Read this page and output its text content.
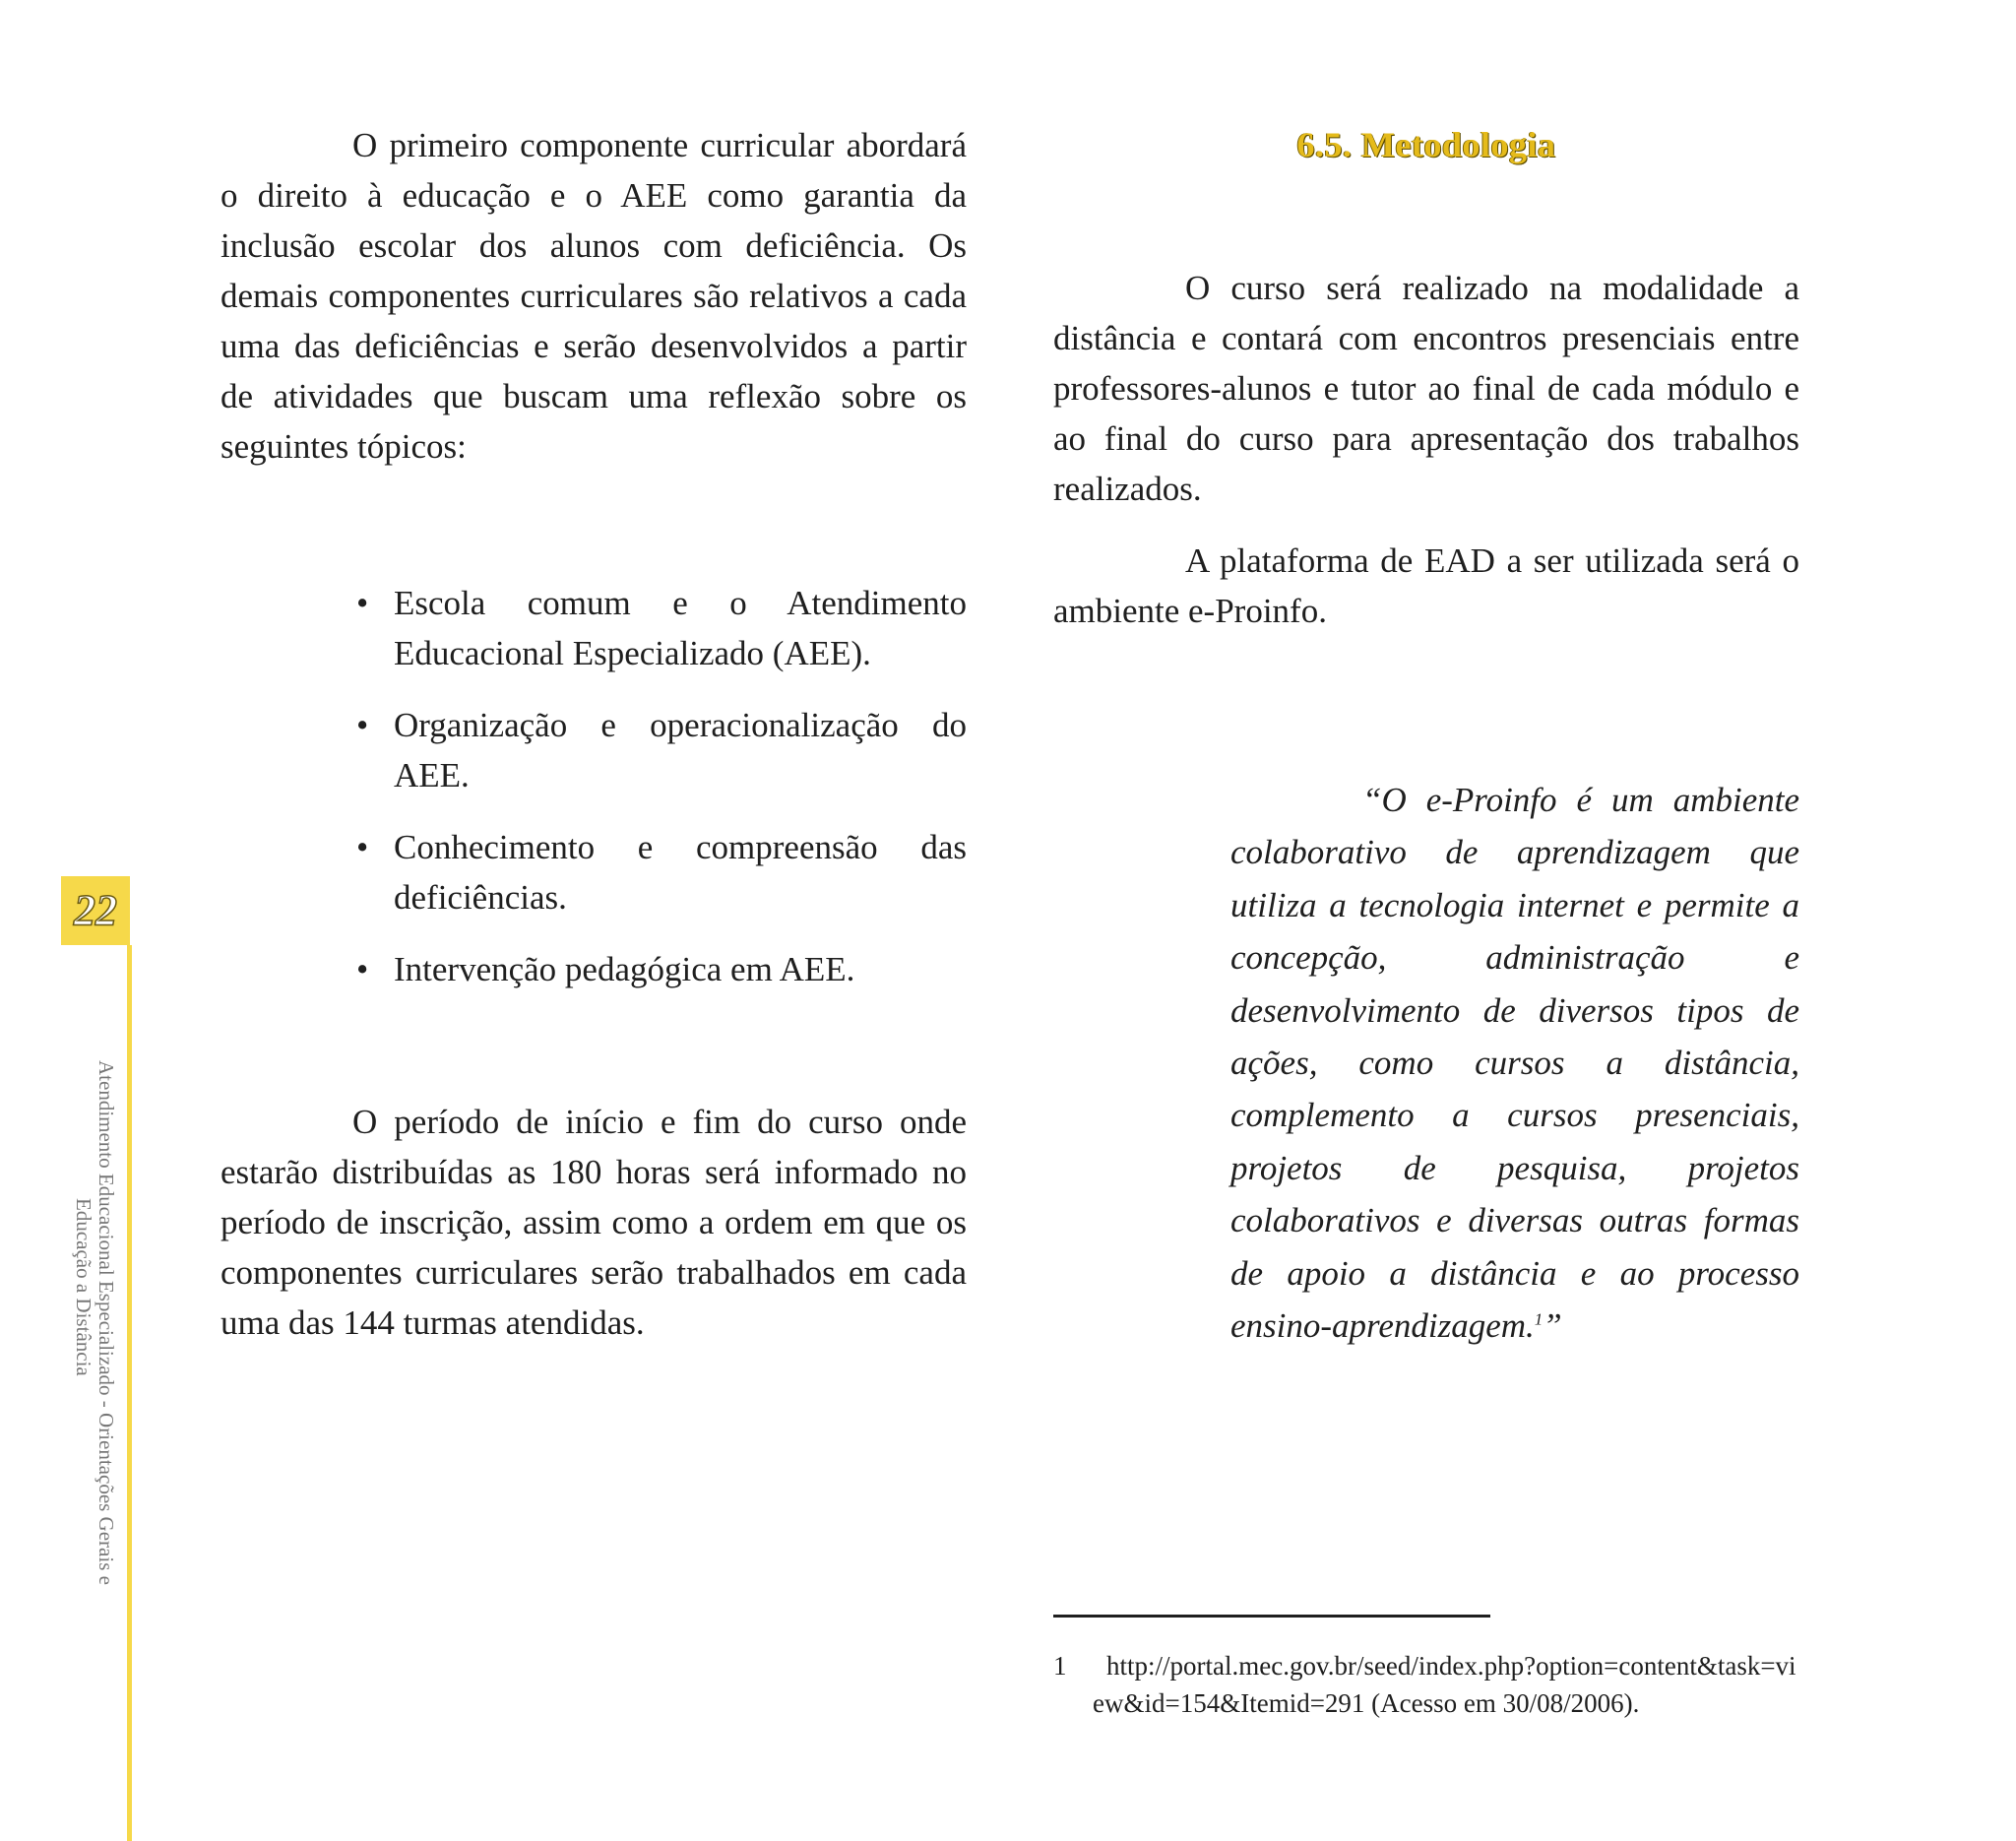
O primeiro componente curricular abordará o direito à educação e o AEE como garantia da inclusão escolar dos alunos com deficiência. Os demais componentes curriculares são relativos a cada uma das deficiências e serão desenvolvidos a partir de atividades que buscam uma reflexão sobre os seguintes tópicos:

• Escola comum e o Atendimento Educacional Especializado (AEE).
• Organização e operacionalização do AEE.
• Conhecimento e compreensão das deficiências.
• Intervenção pedagógica em AEE.

O período de início e fim do curso onde estarão distribuídas as 180 horas será informado no período de inscrição, assim como a ordem em que os componentes curriculares serão trabalhados em cada uma das 144 turmas atendidas.

6.5. Metodologia

O curso será realizado na modalidade a distância e contará com encontros presenciais entre professores-alunos e tutor ao final de cada módulo e ao final do curso para apresentação dos trabalhos realizados.

A plataforma de EAD a ser utilizada será o ambiente e-Proinfo.

“O e-Proinfo é um ambiente colaborativo de aprendizagem que utiliza a tecnologia internet e permite a concepção, administração e desenvolvimento de diversos tipos de ações, como cursos a distância, complemento a cursos presenciais, projetos de pesquisa, projetos colaborativos e diversas outras formas de apoio a distância e ao processo ensino-aprendizagem.$^1$”
1	http://portal.mec.gov.br/seed/index.php?option=content&task=view&id=154&Itemid=291 (Acesso em 30/08/2006).
22
Atendimento Educacional Especializado - Orientações Gerais e
Educação a Distância
